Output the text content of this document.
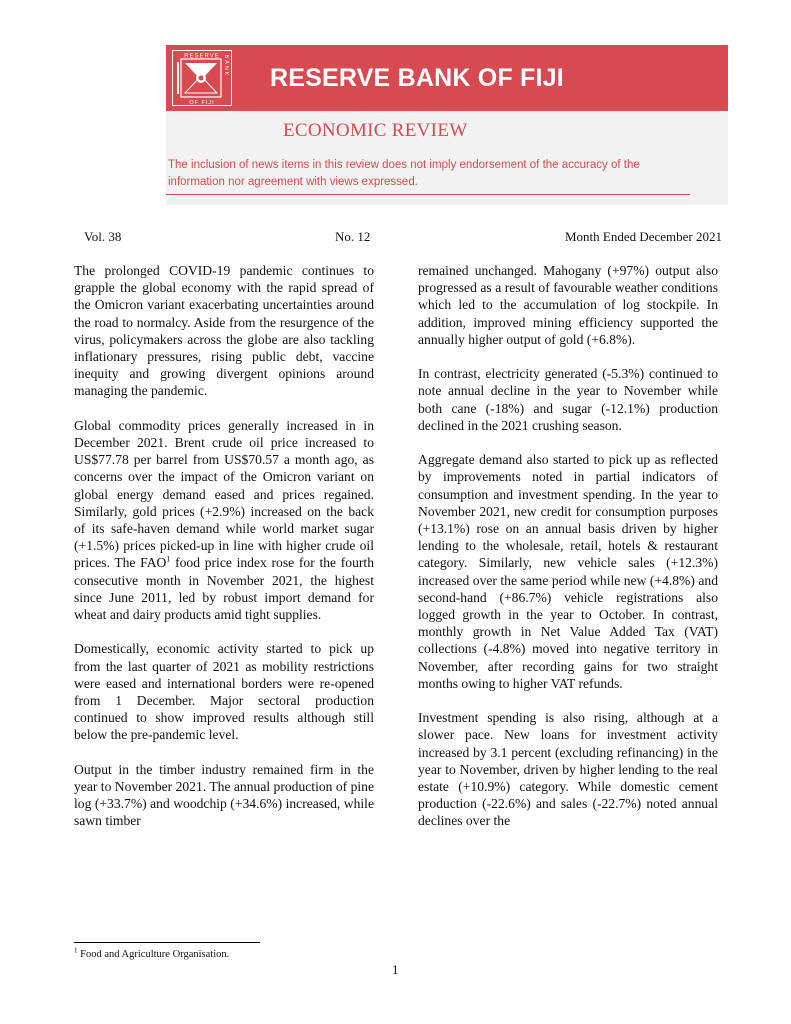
RESERVE
OF FIJI
BANK RESERVE BANK OF FIJI
ECONOMIC REVIEW
The inclusion of news items in this review does not imply endorsement of the accuracy of the
information nor agreement with views expressed.
Vol. 38	No. 12	Month Ended December 2021

The prolonged COVID-19 pandemic continues to grapple the global economy with the rapid spread of the Omicron variant exacerbating uncertainties around the road to normalcy. Aside from the resurgence of the virus, policymakers across the globe are also tackling inflationary pressures, rising public debt, vaccine inequity and growing divergent opinions around managing the pandemic.

Global commodity prices generally increased in in December 2021. Brent crude oil price increased to US$77.78 per barrel from US$70.57 a month ago, as concerns over the impact of the Omicron variant on global energy demand eased and prices regained. Similarly, gold prices (+2.9%) increased on the back of its safe-haven demand while world market sugar (+1.5%) prices picked-up in line with higher crude oil prices. The FAO$^1$ food price index rose for the fourth consecutive month in November 2021, the highest since June 2011, led by robust import demand for wheat and dairy products amid tight supplies.

Domestically, economic activity started to pick up from the last quarter of 2021 as mobility restrictions were eased and international borders were re-opened from 1 December. Major sectoral production continued to show improved results although still below the pre-pandemic level.

Output in the timber industry remained firm in the year to November 2021. The annual production of pine log (+33.7%) and woodchip (+34.6%) increased, while sawn timber

remained unchanged. Mahogany (+97%) output also progressed as a result of favourable weather conditions which led to the accumulation of log stockpile. In addition, improved mining efficiency supported the annually higher output of gold (+6.8%).

In contrast, electricity generated (-5.3%) continued to note annual decline in the year to November while both cane (-18%) and sugar (-12.1%) production declined in the 2021 crushing season.

Aggregate demand also started to pick up as reflected by improvements noted in partial indicators of consumption and investment spending. In the year to November 2021, new credit for consumption purposes (+13.1%) rose on an annual basis driven by higher lending to the wholesale, retail, hotels & restaurant category. Similarly, new vehicle sales (+12.3%) increased over the same period while new (+4.8%) and second-hand (+86.7%) vehicle registrations also logged growth in the year to October. In contrast, monthly growth in Net Value Added Tax (VAT) collections (-4.8%) moved into negative territory in November, after recording gains for two straight months owing to higher VAT refunds.

Investment spending is also rising, although at a slower pace. New loans for investment activity increased by 3.1 percent (excluding refinancing) in the year to November, driven by higher lending to the real estate (+10.9%) category. While domestic cement production (-22.6%) and sales (-22.7%) noted annual declines over the

$^1$ Food and Agriculture Organisation.
1
